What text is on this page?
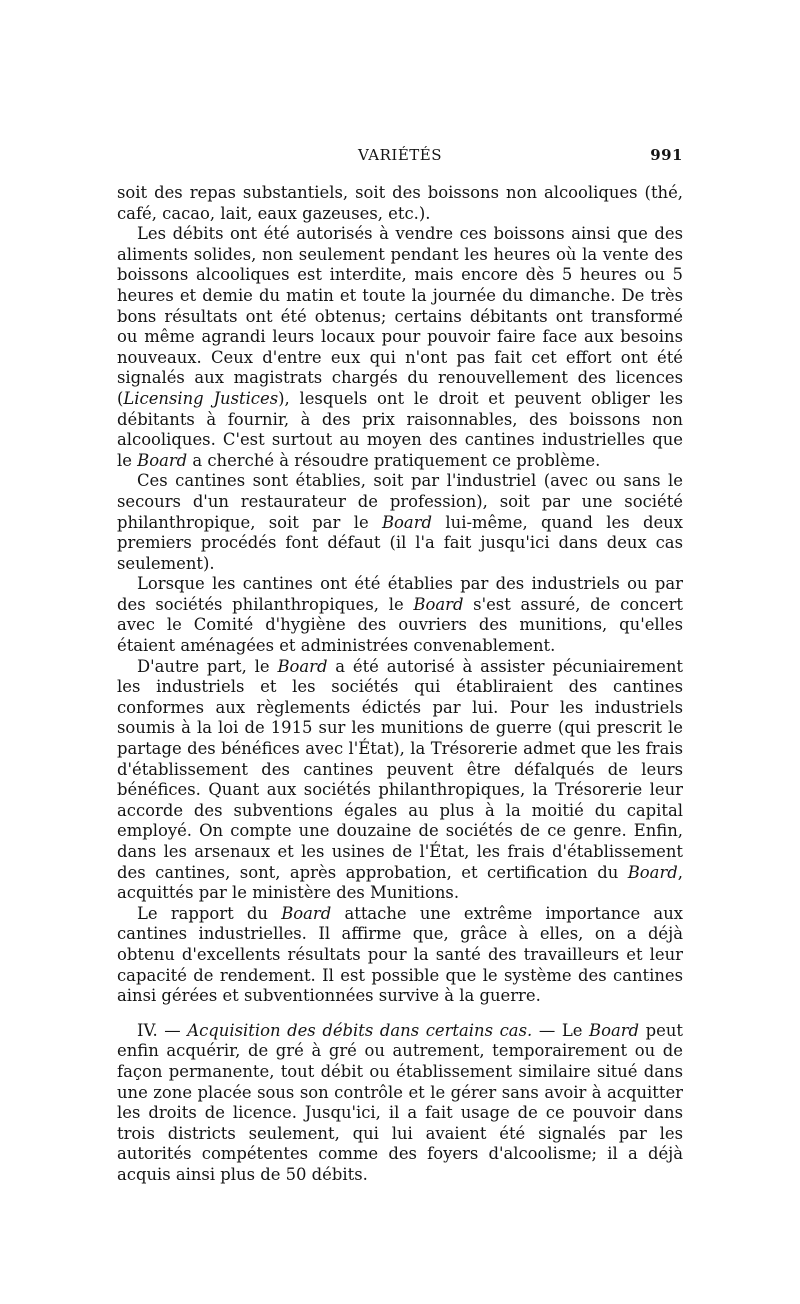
VARIÉTÉS	991

soit des repas substantiels, soit des boissons non alcooliques (thé, café, cacao, lait, eaux gazeuses, etc.).

Les débits ont été autorisés à vendre ces boissons ainsi que des aliments solides, non seulement pendant les heures où la vente des boissons alcooliques est interdite, mais encore dès 5 heures ou 5 heures et demie du matin et toute la journée du dimanche. De très bons résultats ont été obtenus; certains débitants ont transformé ou même agrandi leurs locaux pour pouvoir faire face aux besoins nouveaux. Ceux d'entre eux qui n'ont pas fait cet effort ont été signalés aux magistrats chargés du renouvellement des licences (Licensing Justices), lesquels ont le droit et peuvent obliger les débitants à fournir, à des prix raisonnables, des boissons non alcooliques. C'est surtout au moyen des cantines industrielles que le Board a cherché à résoudre pratiquement ce problème.

Ces cantines sont établies, soit par l'industriel (avec ou sans le secours d'un restaurateur de profession), soit par une société philanthropique, soit par le Board lui-même, quand les deux premiers procédés font défaut (il l'a fait jusqu'ici dans deux cas seulement).

Lorsque les cantines ont été établies par des industriels ou par des sociétés philanthropiques, le Board s'est assuré, de concert avec le Comité d'hygiène des ouvriers des munitions, qu'elles étaient aménagées et administrées convenablement.

D'autre part, le Board a été autorisé à assister pécuniairement les industriels et les sociétés qui établiraient des cantines conformes aux règlements édictés par lui. Pour les industriels soumis à la loi de 1915 sur les munitions de guerre (qui prescrit le partage des bénéfices avec l'État), la Trésorerie admet que les frais d'établissement des cantines peuvent être défalqués de leurs bénéfices. Quant aux sociétés philanthropiques, la Trésorerie leur accorde des subventions égales au plus à la moitié du capital employé. On compte une douzaine de sociétés de ce genre. Enfin, dans les arsenaux et les usines de l'État, les frais d'établissement des cantines, sont, après approbation, et certification du Board, acquittés par le ministère des Munitions.

Le rapport du Board attache une extrême importance aux cantines industrielles. Il affirme que, grâce à elles, on a déjà obtenu d'excellents résultats pour la santé des travailleurs et leur capacité de rendement. Il est possible que le système des cantines ainsi gérées et subventionnées survive à la guerre.

IV. — Acquisition des débits dans certains cas. — Le Board peut enfin acquérir, de gré à gré ou autrement, temporairement ou de façon permanente, tout débit ou établissement similaire situé dans une zone placée sous son contrôle et le gérer sans avoir à acquitter les droits de licence. Jusqu'ici, il a fait usage de ce pouvoir dans trois districts seulement, qui lui avaient été signalés par les autorités compétentes comme des foyers d'alcoolisme; il a déjà acquis ainsi plus de 50 débits.
